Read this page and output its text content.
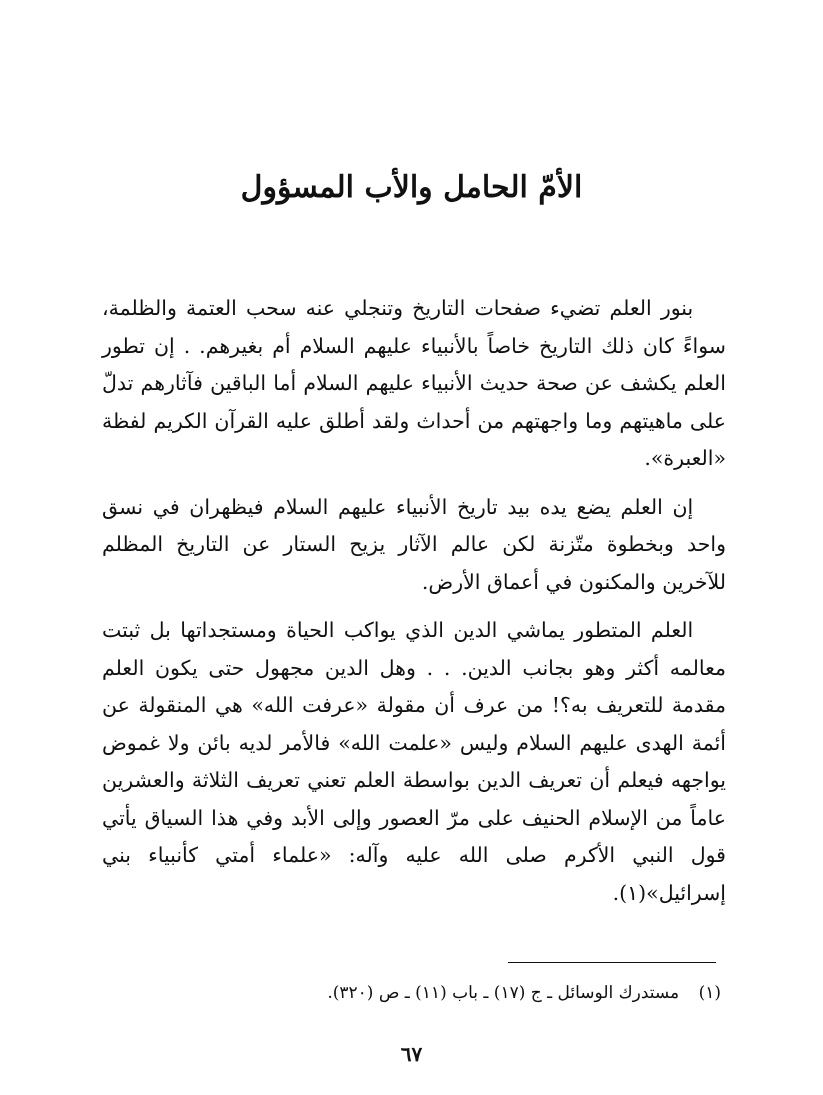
الأمّ الحامل والأب المسؤول

بنور العلم تضيء صفحات التاريخ وتنجلي عنه سحب العتمة والظلمة، سواءً كان ذلك التاريخ خاصاً بالأنبياء عليهم السلام أم بغيرهم. . إن تطور العلم يكشف عن صحة حديث الأنبياء عليهم السلام أما الباقين فآثارهم تدلّ على ماهيتهم وما واجهتهم من أحداث ولقد أطلق عليه القرآن الكريم لفظة «العبرة».

إن العلم يضع يده بيد تاريخ الأنبياء عليهم السلام فيظهران في نسق واحد وبخطوة متّزنة لكن عالم الآثار يزيح الستار عن التاريخ المظلم للآخرين والمكنون في أعماق الأرض.

العلم المتطور يماشي الدين الذي يواكب الحياة ومستجداتها بل ثبتت معالمه أكثر وهو بجانب الدين. . . وهل الدين مجهول حتى يكون العلم مقدمة للتعريف به؟! من عرف أن مقولة «عرفت الله» هي المنقولة عن أئمة الهدى عليهم السلام وليس «علمت الله» فالأمر لديه بائن ولا غموض يواجهه فيعلم أن تعريف الدين بواسطة العلم تعني تعريف الثلاثة والعشرين عاماً من الإسلام الحنيف على مرّ العصور وإلى الأبد وفي هذا السياق يأتي قول النبي الأكرم صلى الله عليه وآله: «علماء أمتي كأنبياء بني إسرائيل»(١).

(١) مستدرك الوسائل ـ ج (١٧) ـ باب (١١) ـ ص (٣٢٠).
٦٧
